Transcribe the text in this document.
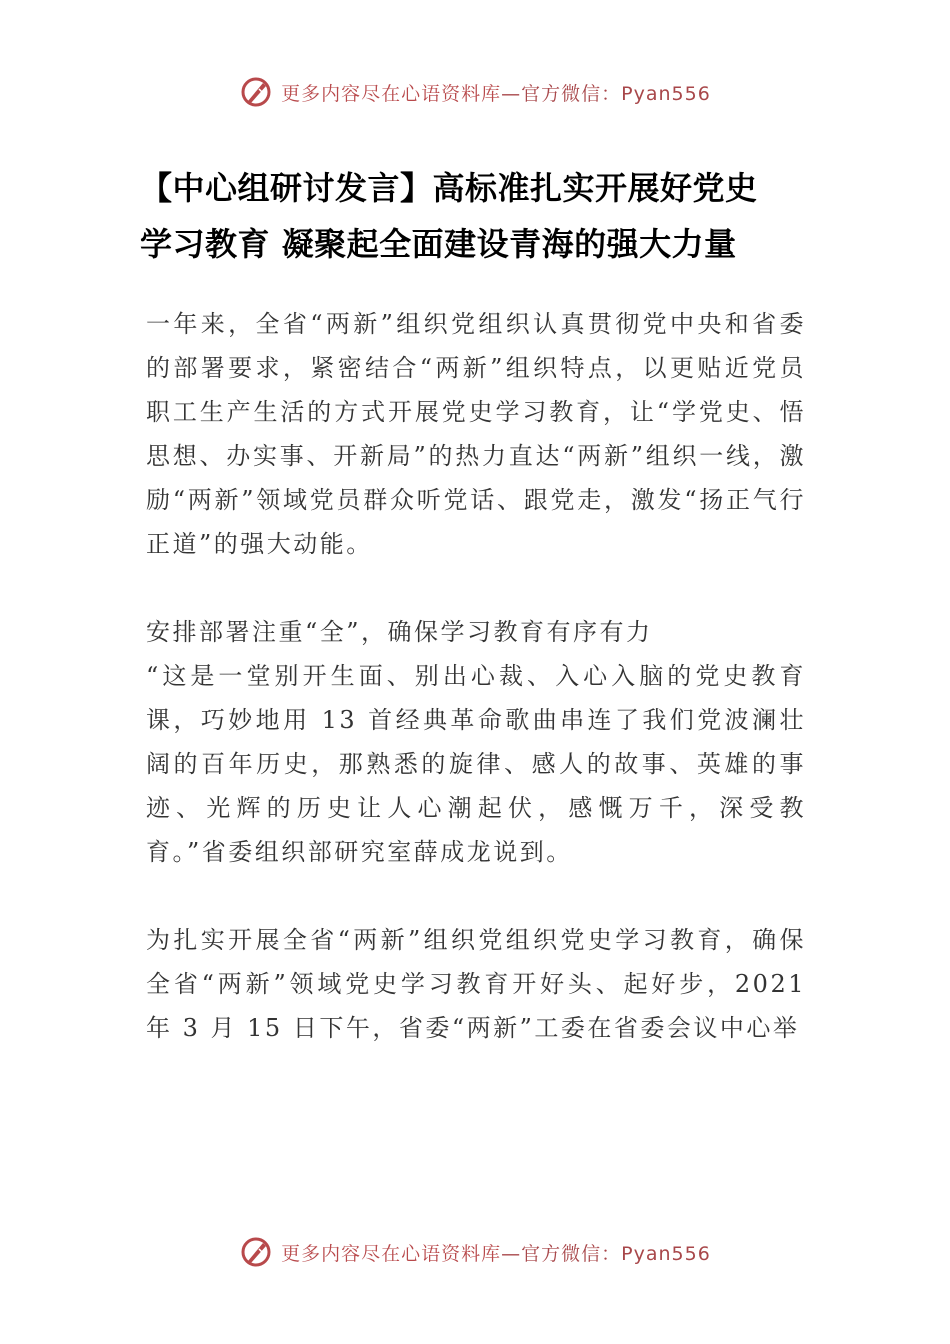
更多内容尽在心语资料库—官方微信：Pyan556
【中心组研讨发言】高标准扎实开展好党史
学习教育 凝聚起全面建设青海的强大力量

一年来，全省“两新”组织党组织认真贯彻党中央和省委的部署要求，紧密结合“两新”组织特点，以更贴近党员职工生产生活的方式开展党史学习教育，让“学党史、悟思想、办实事、开新局”的热力直达“两新”组织一线，激励“两新”领域党员群众听党话、跟党走，激发“扬正气行正道”的强大动能。

安排部署注重“全”，确保学习教育有序有力

“这是一堂别开生面、别出心裁、入心入脑的党史教育课，巧妙地用 13 首经典革命歌曲串连了我们党波澜壮阔的百年历史，那熟悉的旋律、感人的故事、英雄的事迹、光辉的历史让人心潮起伏，感慨万千，深受教育。”省委组织部研究室薛成龙说到。

为扎实开展全省“两新”组织党组织党史学习教育，确保全省“两新”领域党史学习教育开好头、起好步，2021 年 3 月 15 日下午，省委“两新”工委在省委会议中心举

更多内容尽在心语资料库—官方微信：Pyan556
